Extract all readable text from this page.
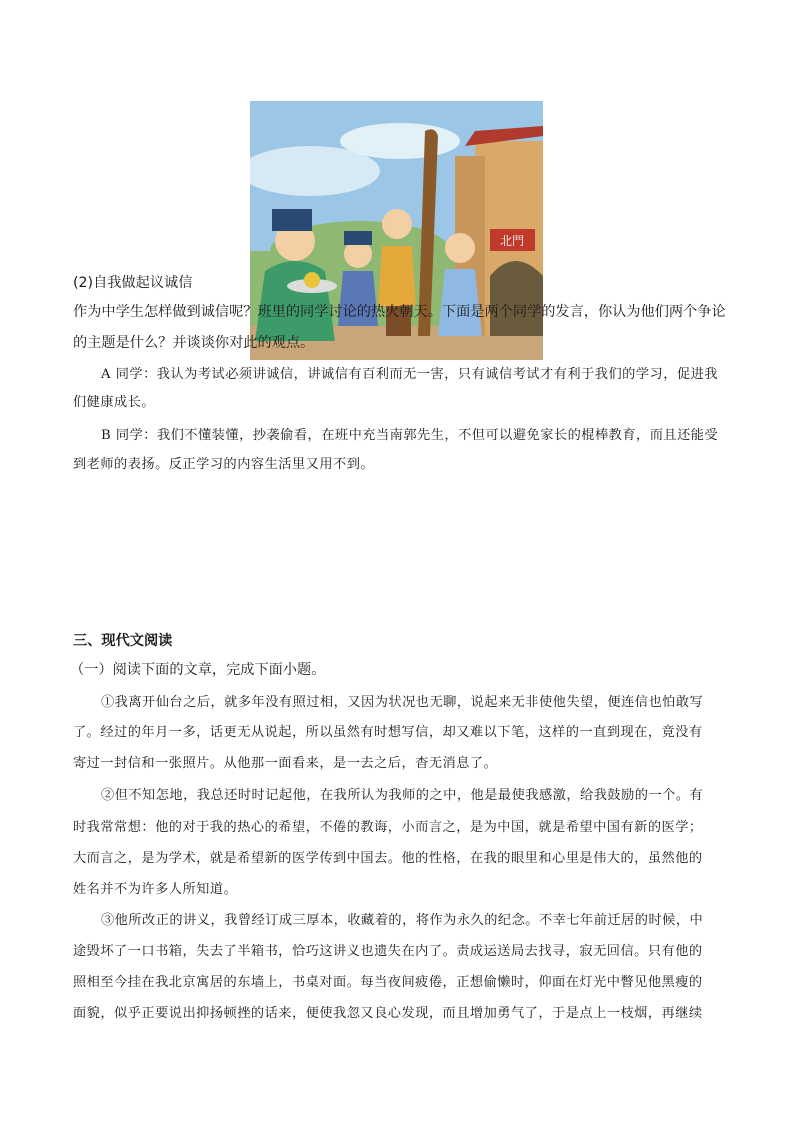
北門
(2)自我做起议诚信
作为中学生怎样做到诚信呢？班里的同学讨论的热火朝天。下面是两个同学的发言，你认为他们两个争论
的主题是什么？并谈谈你对此的观点。
A 同学：我认为考试必须讲诚信，讲诚信有百利而无一害，只有诚信考试才有利于我们的学习，促进我
们健康成长。
B 同学：我们不懂装懂，抄袭偷看，在班中充当南郭先生，不但可以避免家长的棍棒教育，而且还能受
到老师的表扬。反正学习的内容生活里又用不到。
三、现代文阅读
（一）阅读下面的文章，完成下面小题。
①我离开仙台之后，就多年没有照过相，又因为状况也无聊，说起来无非使他失望，便连信也怕敢写
了。经过的年月一多，话更无从说起，所以虽然有时想写信，却又难以下笔，这样的一直到现在，竟没有
寄过一封信和一张照片。从他那一面看来，是一去之后，杳无消息了。
②但不知怎地，我总还时时记起他，在我所认为我师的之中，他是最使我感激，给我鼓励的一个。有
时我常常想：他的对于我的热心的希望，不倦的教诲，小而言之，是为中国，就是希望中国有新的医学；
大而言之，是为学术，就是希望新的医学传到中国去。他的性格，在我的眼里和心里是伟大的，虽然他的
姓名并不为许多人所知道。
③他所改正的讲义，我曾经订成三厚本，收藏着的，将作为永久的纪念。不幸七年前迁居的时候，中
途毁坏了一口书箱，失去了半箱书，恰巧这讲义也遗失在内了。责成运送局去找寻，寂无回信。只有他的
照相至今挂在我北京寓居的东墙上，书桌对面。每当夜间疲倦，正想偷懒时，仰面在灯光中瞥见他黑瘦的
面貌，似乎正要说出抑扬顿挫的话来，便使我忽又良心发现，而且增加勇气了，于是点上一枝烟，再继续
